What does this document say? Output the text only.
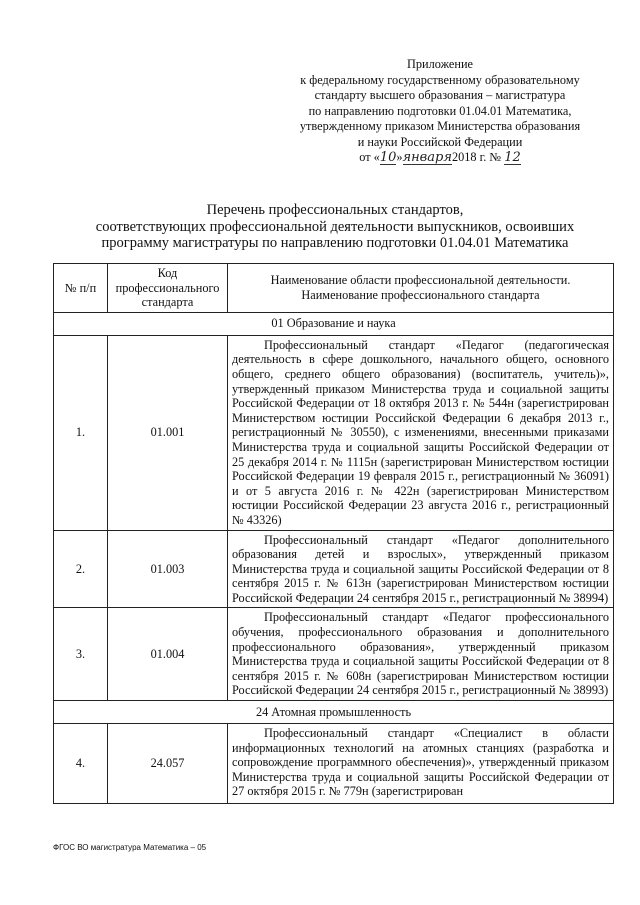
Приложение
к федеральному государственному образовательному
стандарту высшего образования – магистратура
по направлению подготовки 01.04.01 Математика,
утвержденному приказом Министерства образования
и науки Российской Федерации
от «10»января2018 г. № 12
Перечень профессиональных стандартов,
соответствующих профессиональной деятельности выпускников, освоивших
программу магистратуры по направлению подготовки 01.04.01 Математика
№ п/п	Код профессионального стандарта	Наименование области профессиональной деятельности.
Наименование профессионального стандарта

01 Образование и наука		
1.	01.001	Профессиональный стандарт «Педагог (педагогическая деятельность в сфере дошкольного, начального общего, основного общего, среднего общего образования) (воспитатель, учитель)», утвержденный приказом Министерства труда и социальной защиты Российской Федерации от 18 октября 2013 г. № 544н (зарегистрирован Министерством юстиции Российской Федерации 6 декабря 2013 г., регистрационный № 30550), с изменениями, внесенными приказами Министерства труда и социальной защиты Российской Федерации от 25 декабря 2014 г. № 1115н (зарегистрирован Министерством юстиции Российской Федерации 19 февраля 2015 г., регистрационный № 36091) и от 5 августа 2016 г. № 422н (зарегистрирован Министерством юстиции Российской Федерации 23 августа 2016 г., регистрационный № 43326)
2.	01.003	Профессиональный стандарт «Педагог дополнительного образования детей и взрослых», утвержденный приказом Министерства труда и социальной защиты Российской Федерации от 8 сентября 2015 г. № 613н (зарегистрирован Министерством юстиции Российской Федерации 24 сентября 2015 г., регистрационный № 38994)
3.	01.004	Профессиональный стандарт «Педагог профессионального обучения, профессионального образования и дополнительного профессионального образования», утвержденный приказом Министерства труда и социальной защиты Российской Федерации от 8 сентября 2015 г. № 608н (зарегистрирован Министерством юстиции Российской Федерации 24 сентября 2015 г., регистрационный № 38993)
24 Атомная промышленность		
4.	24.057	Профессиональный стандарт «Специалист в области информационных технологий на атомных станциях (разработка и сопровождение программного обеспечения)», утвержденный приказом Министерства труда и социальной защиты Российской Федерации от 27 октября 2015 г. № 779н (зарегистрирован
ФГОС ВО магистратура Математика – 05
